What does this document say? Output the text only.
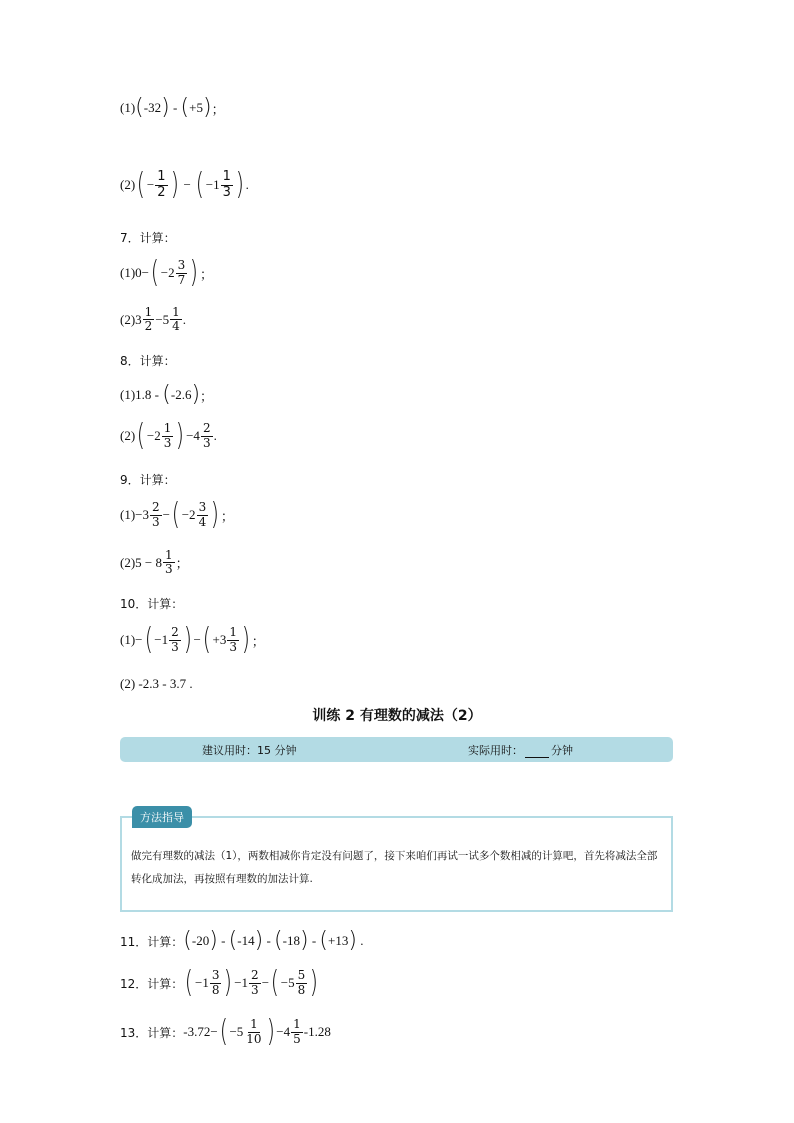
(1) ( -32 ) - ( +5 ) ；
(2) ( − $\frac{1}{2}$ ) − ( $-1 \frac{1}{3}$ ) .
7．计算：
(1) 0 − ( $-2 \frac{3}{7}$ ) ；
(2) $3 \frac{1}{2} -5 \frac{1}{4}$ .
8．计算：
(1) 1.8 - ( -2.6 ) ；
(2) ( $-2 \frac{1}{3}$ ) $-4 \frac{2}{3}$ .
9．计算：
$(1) -3 \frac{2}{3}$ − ( $-2 \frac{3}{4}$ ) ；
(2) $5 - 8 \frac{1}{3}$ ；
10．计算：
(1) − ( $-1 \frac{2}{3}$ ) − ( $+3 \frac{1}{3}$ ) ；
(2)
-2.3 - 3.7 .
训练 2 有理数的减法（2）
建议用时：15 分钟	实际用时：	分钟
方法指导
做完有理数的减法（1），两数相减你肯定没有问题了，接下来咱们再试一试多个数相减的计算吧，首先将减法全部转化成加法，再按照有理数的加法计算.
11．计算： ( -20 ) - ( -14 ) - ( -18 ) - ( +13 )
.
12．计算： ( $-1 \frac{3}{8}$ ) $-1 \frac{2}{3}$ − ( $-5 \frac{5}{8}$ )
13．计算： -3.72 − ( $-5 \frac{1}{10}$ ) $-4 \frac{1}{5} -1.28$
